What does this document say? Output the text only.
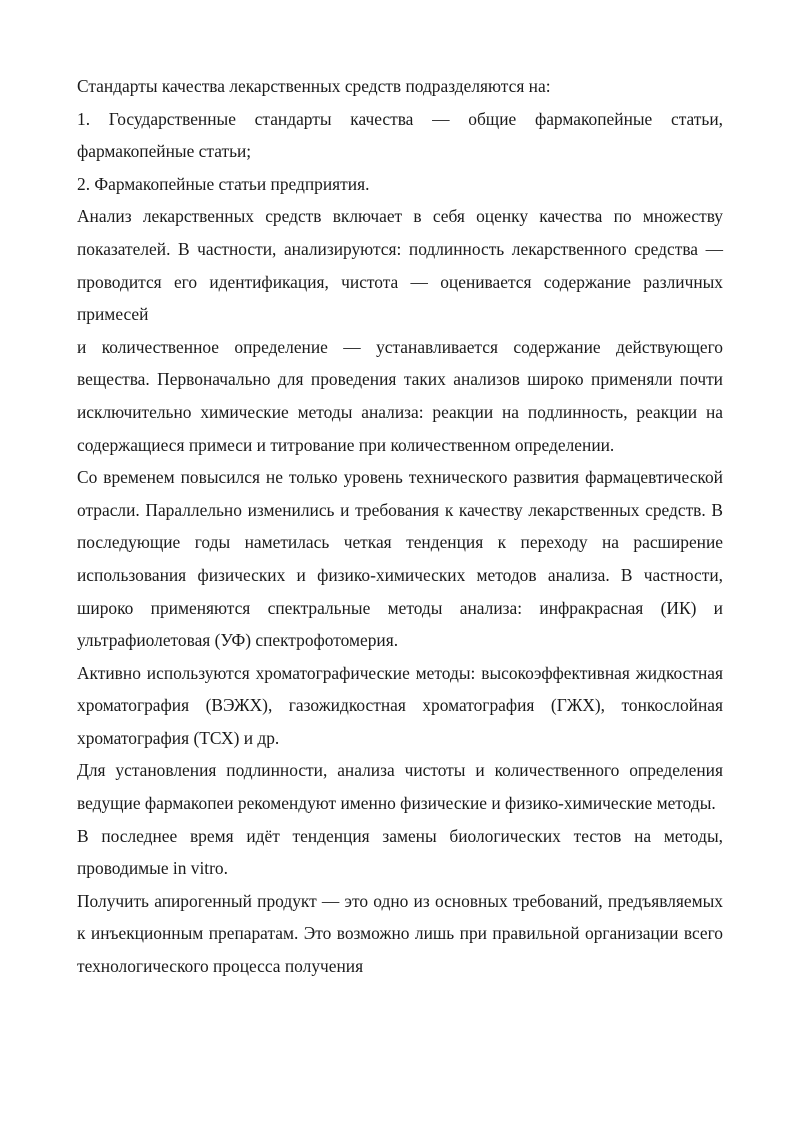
Стандарты качества лекарственных средств подразделяются на:

1. Государственные стандарты качества — общие фармакопейные статьи, фармакопейные статьи;

2. Фармакопейные статьи предприятия.

Анализ лекарственных средств включает в себя оценку качества по множеству показателей. В частности, анализируются: подлинность лекарственного средства — проводится его идентификация, чистота — оценивается содержание различных примесей

и количественное определение — устанавливается содержание действующего вещества. Первоначально для проведения таких анализов широко применяли почти исключительно химические методы анализа: реакции на подлинность, реакции на содержащиеся примеси и титрование при количественном определении.

Со временем повысился не только уровень технического развития фармацевтической отрасли. Параллельно изменились и требования к качеству лекарственных средств. В последующие годы наметилась четкая тенденция к переходу на расширение использования физических и физико-химических методов анализа. В частности, широко применяются спектральные методы анализа: инфракрасная (ИК) и ультрафиолетовая (УФ) спектрофотомерия.

Активно используются хроматографические методы: высокоэффективная жидкостная хроматография (ВЭЖХ), газожидкостная хроматография (ГЖХ), тонкослойная хроматография (ТСХ) и др.

Для установления подлинности, анализа чистоты и количественного определения ведущие фармакопеи рекомендуют именно физические и физико-химические методы.

В последнее время идёт тенденция замены биологических тестов на методы, проводимые in vitro.

Получить апирогенный продукт — это одно из основных требований, предъявляемых к инъекционным препаратам. Это возможно лишь при правильной организации всего технологического процесса получения
